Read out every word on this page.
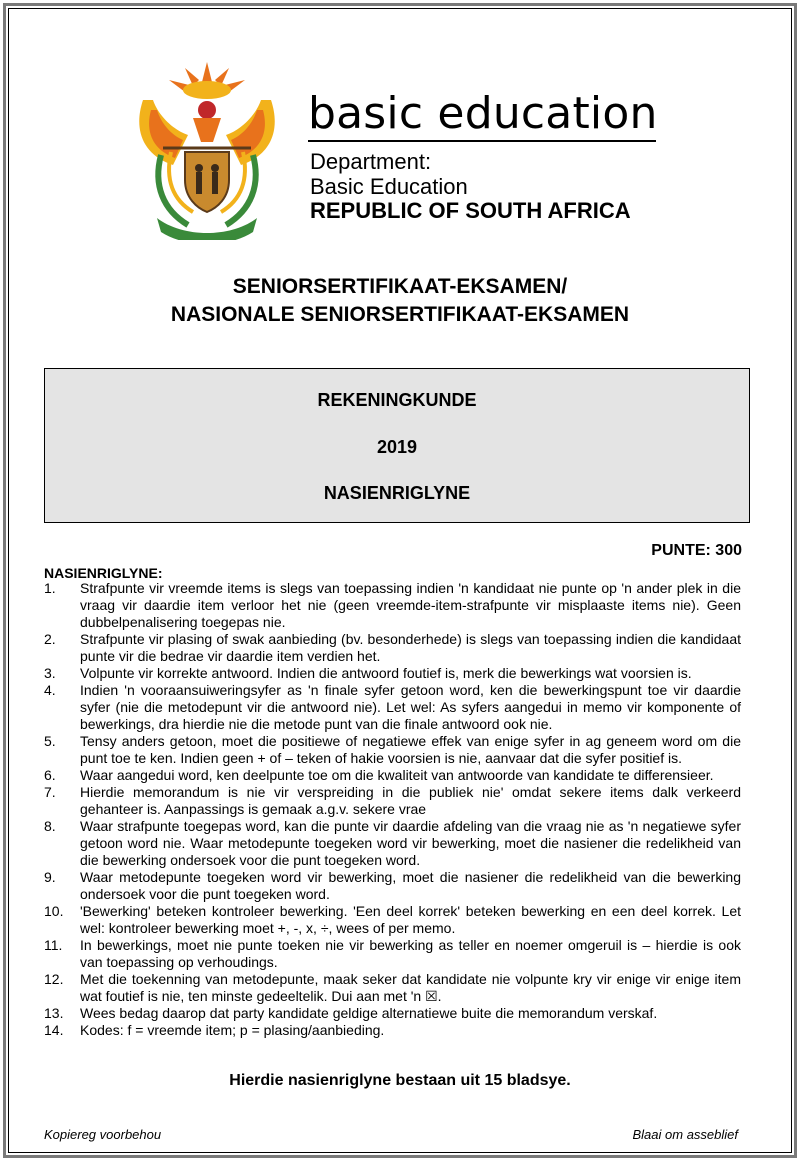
basic education
Department:
Basic Education
REPUBLIC OF SOUTH AFRICA
SENIORSERTIFIKAAT-EKSAMEN/
NASIONALE SENIORSERTIFIKAAT-EKSAMEN
REKENINGKUNDE
2019
NASIENRIGLYNE
PUNTE: 300
NASIENRIGLYNE:
1. Strafpunte vir vreemde items is slegs van toepassing indien 'n kandidaat nie punte op 'n ander plek in die vraag vir daardie item verloor het nie (geen vreemde-item-strafpunte vir misplaaste items nie). Geen dubbelpenalisering toegepas nie.
2. Strafpunte vir plasing of swak aanbieding (bv. besonderhede) is slegs van toepassing indien die kandidaat punte vir die bedrae vir daardie item verdien het.
3. Volpunte vir korrekte antwoord. Indien die antwoord foutief is, merk die bewerkings wat voorsien is.
4. Indien 'n vooraansuiweringsyfer as 'n finale syfer getoon word, ken die bewerkingspunt toe vir daardie syfer (nie die metodepunt vir die antwoord nie). Let wel: As syfers aangedui in memo vir komponente of bewerkings, dra hierdie nie die metode punt van die finale antwoord ook nie.
5. Tensy anders getoon, moet die positiewe of negatiewe effek van enige syfer in ag geneem word om die punt toe te ken. Indien geen + of – teken of hakie voorsien is nie, aanvaar dat die syfer positief is.
6. Waar aangedui word, ken deelpunte toe om die kwaliteit van antwoorde van kandidate te differensieer.
7. Hierdie memorandum is nie vir verspreiding in die publiek nie' omdat sekere items dalk verkeerd gehanteer is. Aanpassings is gemaak a.g.v. sekere vrae
8. Waar strafpunte toegepas word, kan die punte vir daardie afdeling van die vraag nie as 'n negatiewe syfer getoon word nie. Waar metodepunte toegeken word vir bewerking, moet die nasiener die redelikheid van die bewerking ondersoek voor die punt toegeken word.
9. Waar metodepunte toegeken word vir bewerking, moet die nasiener die redelikheid van die bewerking ondersoek voor die punt toegeken word.
10. 'Bewerking' beteken kontroleer bewerking. 'Een deel korrek' beteken bewerking en een deel korrek. Let wel: kontroleer bewerking moet +, -, x, ÷, wees of per memo.
11. In bewerkings, moet nie punte toeken nie vir bewerking as teller en noemer omgeruil is – hierdie is ook van toepassing op verhoudings.
12. Met die toekenning van metodepunte, maak seker dat kandidate nie volpunte kry vir enige vir enige item wat foutief is nie, ten minste gedeeltelik. Dui aan met 'n ☒.
13. Wees bedag daarop dat party kandidate geldige alternatiewe buite die memorandum verskaf.
14. Kodes: f = vreemde item; p = plasing/aanbieding.
Hierdie nasienriglyne bestaan uit 15 bladsye.
Kopiereg voorbehou	Blaai om asseblief
